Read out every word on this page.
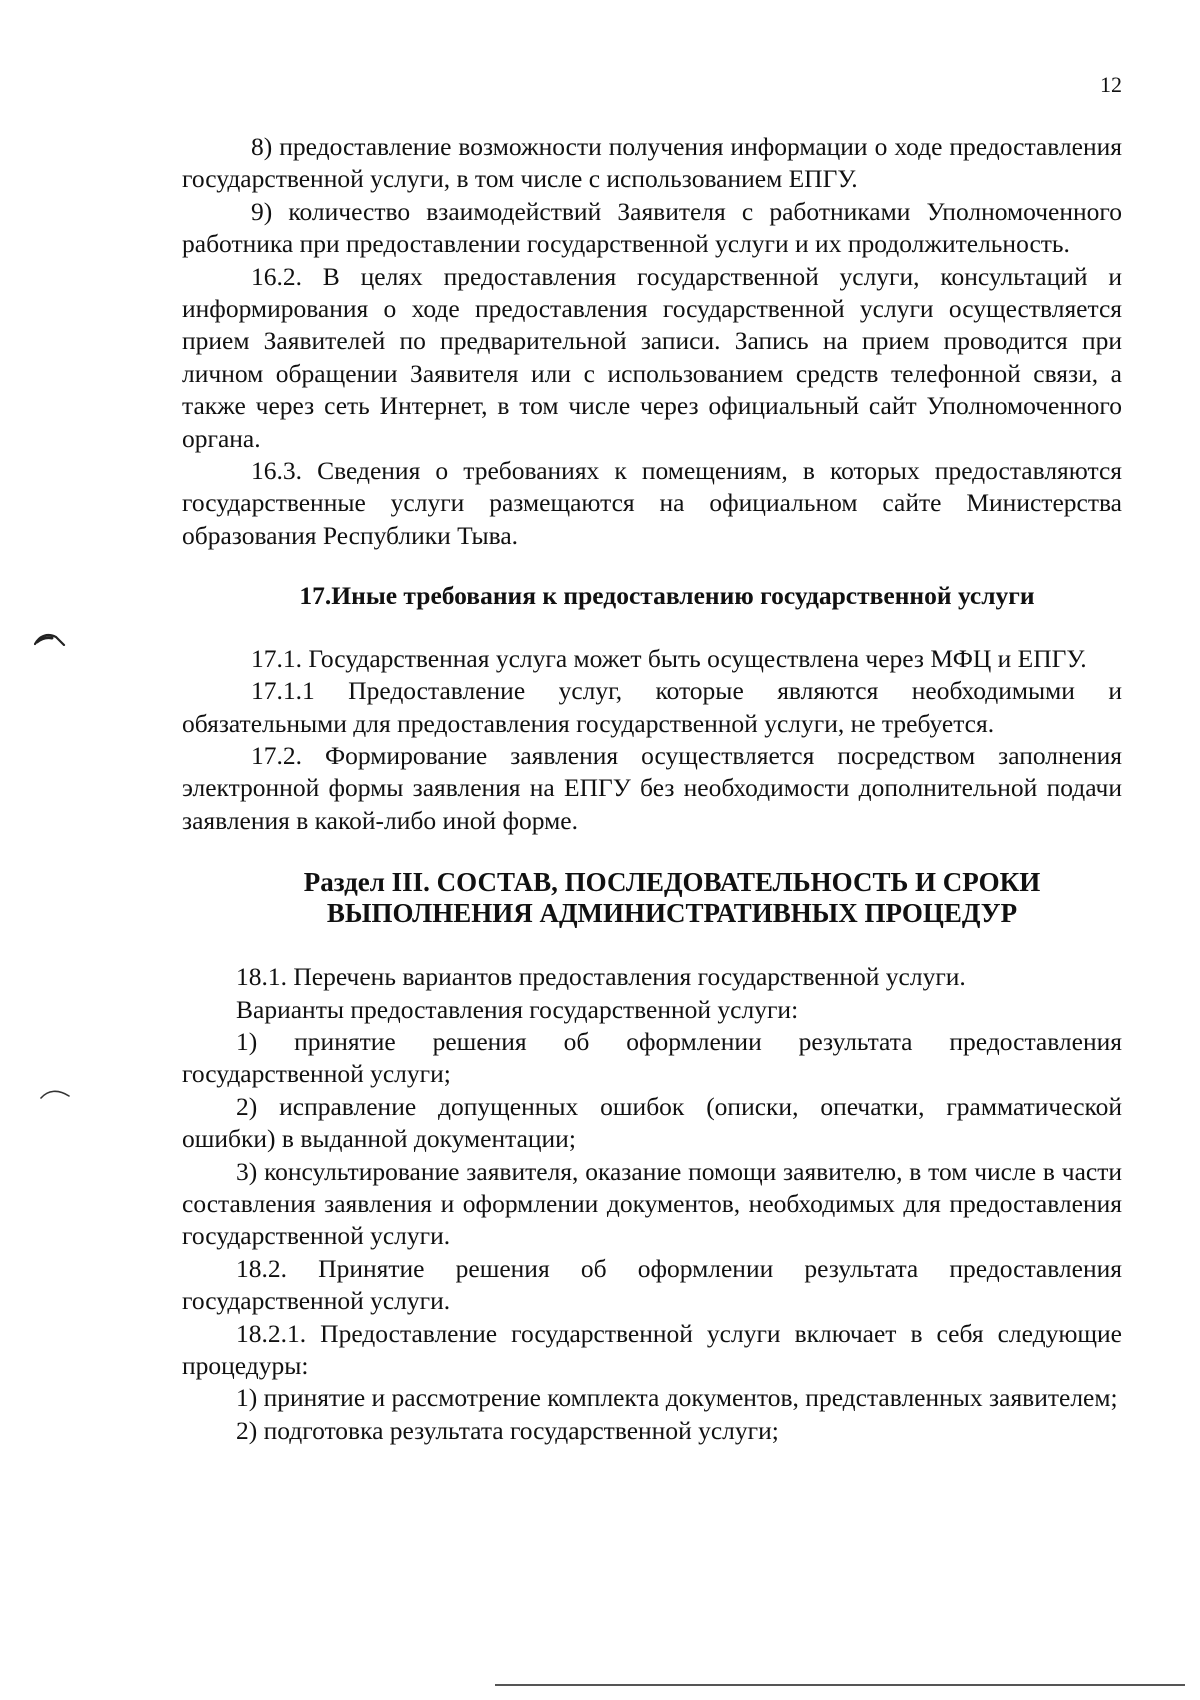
12

8) предоставление возможности получения информации о ходе предоставления государственной услуги, в том числе с использованием ЕПГУ.

9) количество взаимодействий Заявителя с работниками Уполномоченного работника при предоставлении государственной услуги и их продолжительность.

16.2. В целях предоставления государственной услуги, консультаций и информирования о ходе предоставления государственной услуги осуществляется прием Заявителей по предварительной записи. Запись на прием проводится при личном обращении Заявителя или с использованием средств телефонной связи, а также через сеть Интернет, в том числе через официальный сайт Уполномоченного органа.

16.3. Сведения о требованиях к помещениям, в которых предоставляются государственные услуги размещаются на официальном сайте Министерства образования Республики Тыва.

17.Иные требования к предоставлению государственной услуги

17.1. Государственная услуга может быть осуществлена через МФЦ и ЕПГУ.

17.1.1 Предоставление услуг, которые являются необходимыми и обязательными для предоставления государственной услуги, не требуется.

17.2. Формирование заявления осуществляется посредством заполнения электронной формы заявления на ЕПГУ без необходимости дополнительной подачи заявления в какой-либо иной форме.

Раздел III. СОСТАВ, ПОСЛЕДОВАТЕЛЬНОСТЬ И СРОКИ

ВЫПОЛНЕНИЯ АДМИНИСТРАТИВНЫХ ПРОЦЕДУР

18.1. Перечень вариантов предоставления государственной услуги.

Варианты предоставления государственной услуги:

1) принятие решения об оформлении результата предоставления государственной услуги;

2) исправление допущенных ошибок (описки, опечатки, грамматической ошибки) в выданной документации;

3) консультирование заявителя, оказание помощи заявителю, в том числе в части составления заявления и оформлении документов, необходимых для предоставления государственной услуги.

18.2. Принятие решения об оформлении результата предоставления государственной услуги.

18.2.1. Предоставление государственной услуги включает в себя следующие процедуры:

1) принятие и рассмотрение комплекта документов, представленных заявителем;

2) подготовка результата государственной услуги;
